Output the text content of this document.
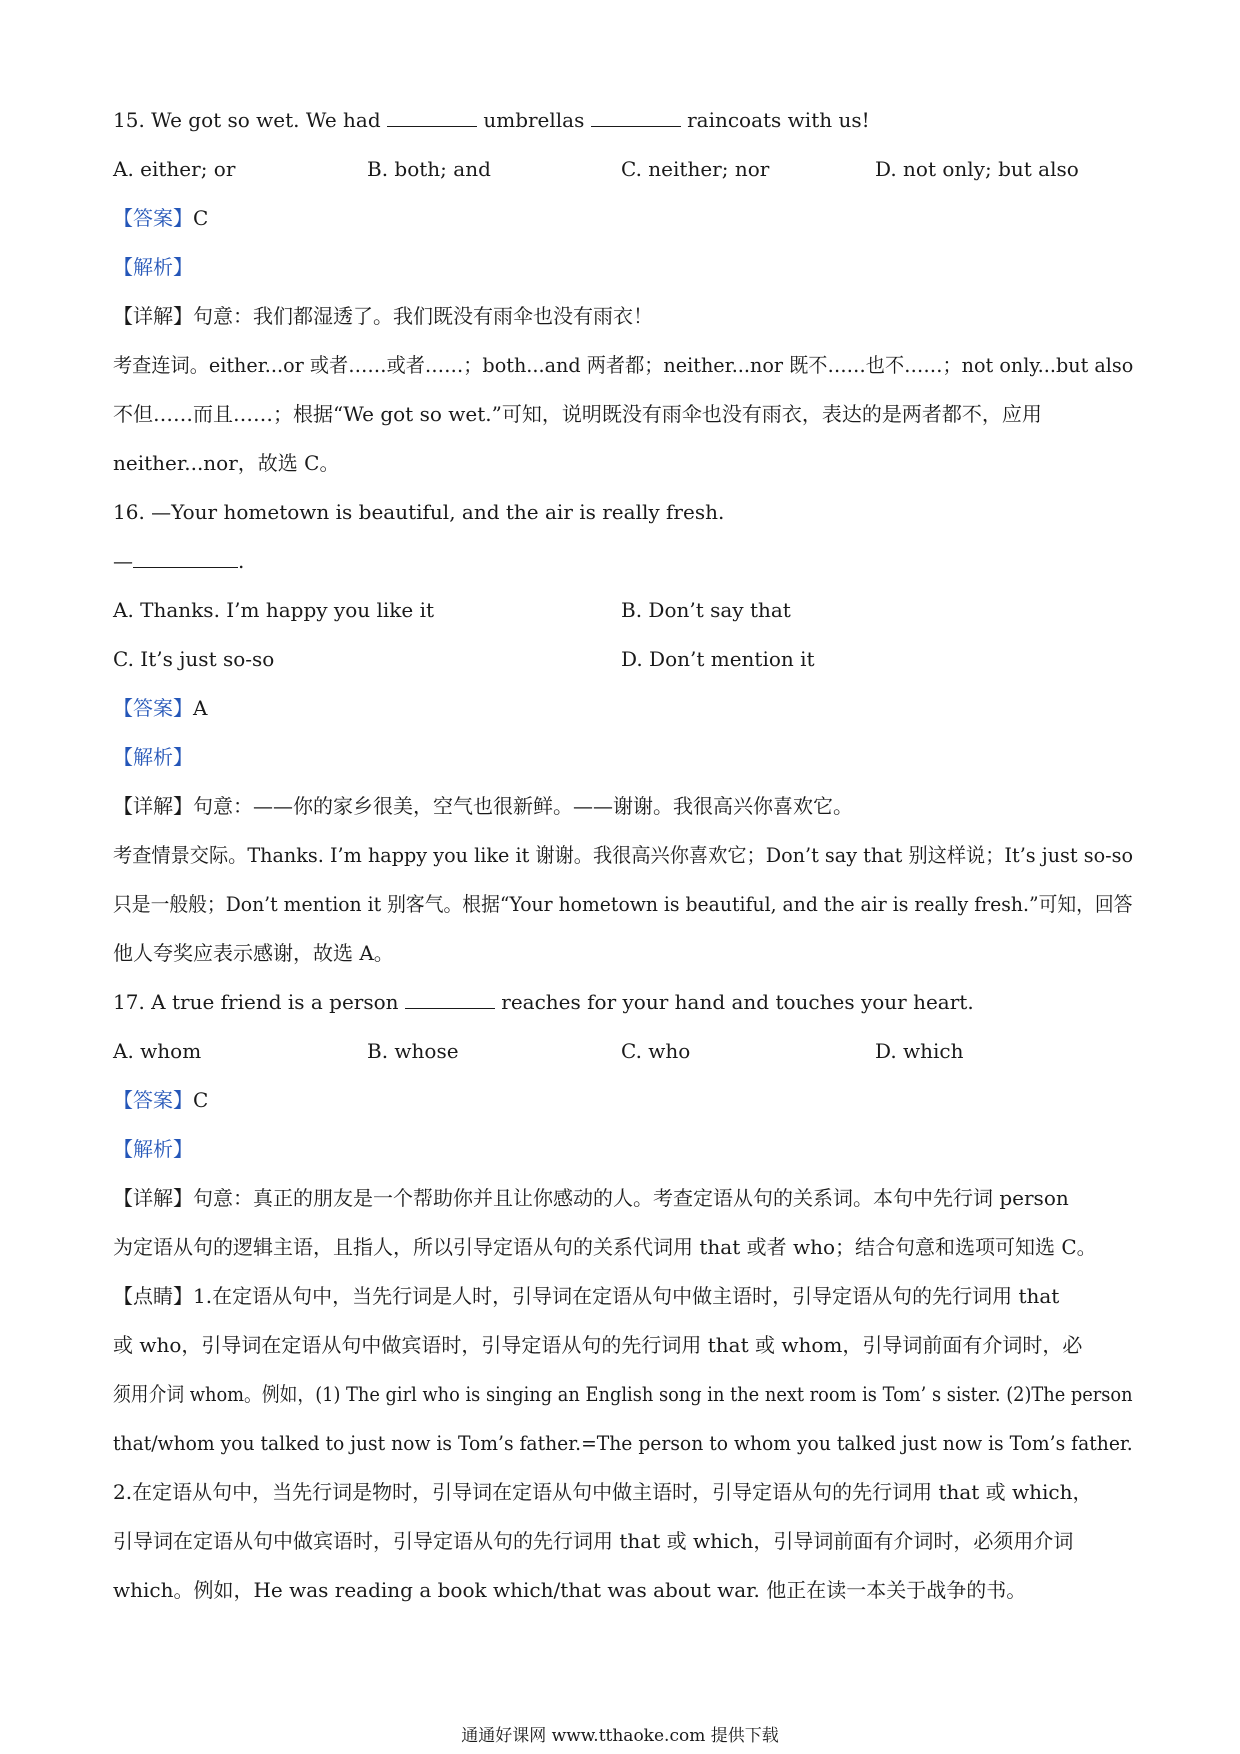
15. We got so wet. We had	umbrellas	raincoats with us!
A. either; or	B. both; and	C. neither; nor	D. not only; but also
【答案】C
【解析】
【详解】句意：我们都湿透了。我们既没有雨伞也没有雨衣！
考查连词。either...or 或者……或者……；both...and 两者都；neither...nor 既不……也不……；not only...but also
不但……而且……；根据“We got so wet.”可知，说明既没有雨伞也没有雨衣，表达的是两者都不，应用
neither...nor，故选 C。
16. —Your hometown is beautiful, and the air is really fresh.
—	.
A. Thanks. I’m happy you like it	B. Don’t say that
C. It’s just so-so	D. Don’t mention it
【答案】A
【解析】
【详解】句意：——你的家乡很美，空气也很新鲜。——谢谢。我很高兴你喜欢它。
考查情景交际。Thanks. I’m happy you like it 谢谢。我很高兴你喜欢它；Don’t say that 别这样说；It’s just so-so
只是一般般；Don’t mention it 别客气。根据“Your hometown is beautiful, and the air is really fresh.”可知，回答
他人夸奖应表示感谢，故选 A。
17. A true friend is a person	reaches for your hand and touches your heart.
A. whom	B. whose	C. who	D. which
【答案】C
【解析】
【详解】句意：真正的朋友是一个帮助你并且让你感动的人。考查定语从句的关系词。本句中先行词 person
为定语从句的逻辑主语，且指人，所以引导定语从句的关系代词用 that 或者 who；结合句意和选项可知选 C。
【点睛】1.在定语从句中，当先行词是人时，引导词在定语从句中做主语时，引导定语从句的先行词用 that
或 who，引导词在定语从句中做宾语时，引导定语从句的先行词用 that 或 whom，引导词前面有介词时，必
须用介词 whom。例如，(1) The girl who is singing an English song in the next room is Tom’ s sister. (2)The person
that/whom you talked to just now is Tom’s father.=The person to whom you talked just now is Tom’s father.
2.在定语从句中，当先行词是物时，引导词在定语从句中做主语时，引导定语从句的先行词用 that 或 which，
引导词在定语从句中做宾语时，引导定语从句的先行词用 that 或 which，引导词前面有介词时，必须用介词
which。例如，He was reading a book which/that was about war. 他正在读一本关于战争的书。
通通好课网 www.tthaoke.com 提供下载
